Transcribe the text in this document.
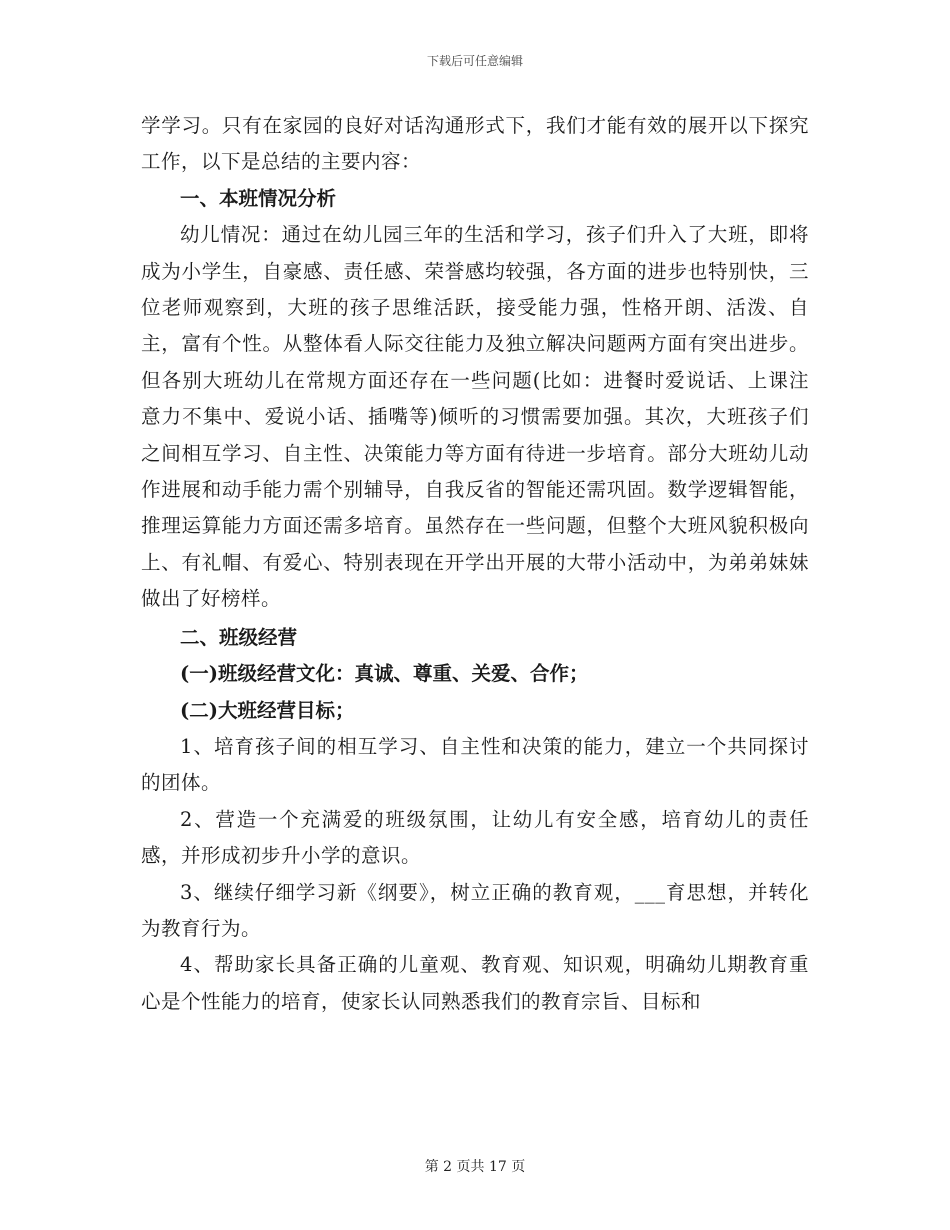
下载后可任意编辑

学学习。只有在家园的良好对话沟通形式下，我们才能有效的展开以下探究工作，以下是总结的主要内容：

一、本班情况分析

幼儿情况：通过在幼儿园三年的生活和学习，孩子们升入了大班，即将成为小学生，自豪感、责任感、荣誉感均较强，各方面的进步也特别快，三位老师观察到，大班的孩子思维活跃，接受能力强，性格开朗、活泼、自主，富有个性。从整体看人际交往能力及独立解决问题两方面有突出进步。但各别大班幼儿在常规方面还存在一些问题(比如：进餐时爱说话、上课注意力不集中、爱说小话、插嘴等)倾听的习惯需要加强。其次，大班孩子们之间相互学习、自主性、决策能力等方面有待进一步培育。部分大班幼儿动作进展和动手能力需个别辅导，自我反省的智能还需巩固。数学逻辑智能，推理运算能力方面还需多培育。虽然存在一些问题，但整个大班风貌积极向上、有礼帽、有爱心、特别表现在开学出开展的大带小活动中，为弟弟妹妹做出了好榜样。

二、班级经营

(一)班级经营文化：真诚、尊重、关爱、合作；

(二)大班经营目标；

1、培育孩子间的相互学习、自主性和决策的能力，建立一个共同探讨的团体。

2、营造一个充满爱的班级氛围，让幼儿有安全感，培育幼儿的责任感，并形成初步升小学的意识。

3、继续仔细学习新《纲要》，树立正确的教育观，___育思想，并转化为教育行为。

4、帮助家长具备正确的儿童观、教育观、知识观，明确幼儿期教育重心是个性能力的培育，使家长认同熟悉我们的教育宗旨、目标和

第 2 页共 17 页
